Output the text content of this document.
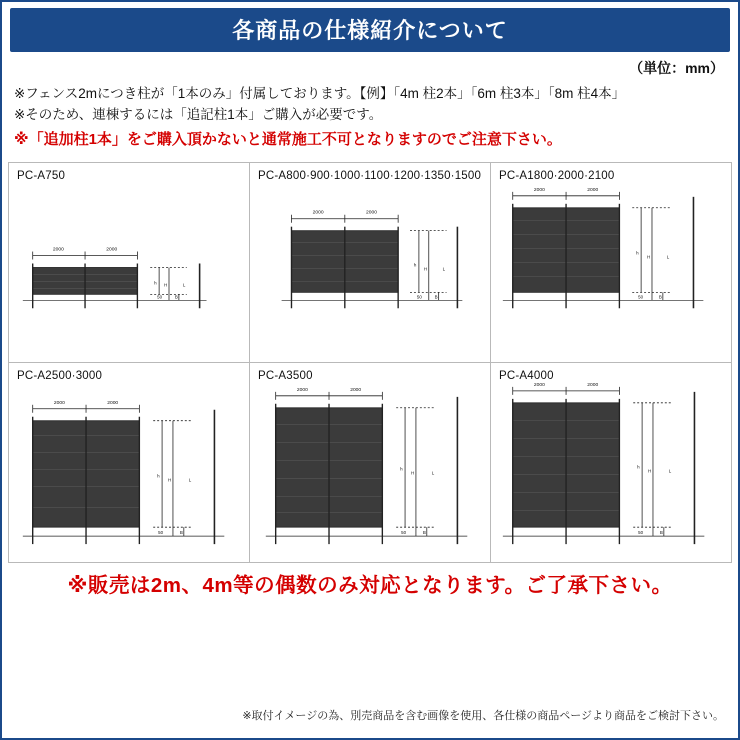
各商品の仕様紹介について
（単位：mm）
※フェンス2mにつき柱が「1本のみ」付属しております。【例】「4m 柱2本」「6m 柱3本」「8m 柱4本」
※そのため、連棟するには「追記柱1本」ご購入が必要です。
※「追加柱1本」をご購入頂かないと通常施工不可となりますのでご注意下さい。
PC-A750
2000	2000
h H
50	B
L
PC-A800·900·1000·1100·1200·1350·1500
2000	2000
h
H
50	B
L
PC-A1800·2000·2100
2000	2000
h
H
50	B
L
PC-A2500·3000
2000	2000
h
H
50	B
L
PC-A3500
2000	2000
h
H
50	B
L
PC-A4000
2000	2000
h
H
50	B
L
※販売は2m、4m等の偶数のみ対応となります。ご了承下さい。
※取付イメージの為、別売商品を含む画像を使用、各仕様の商品ページより商品をご検討下さい。
